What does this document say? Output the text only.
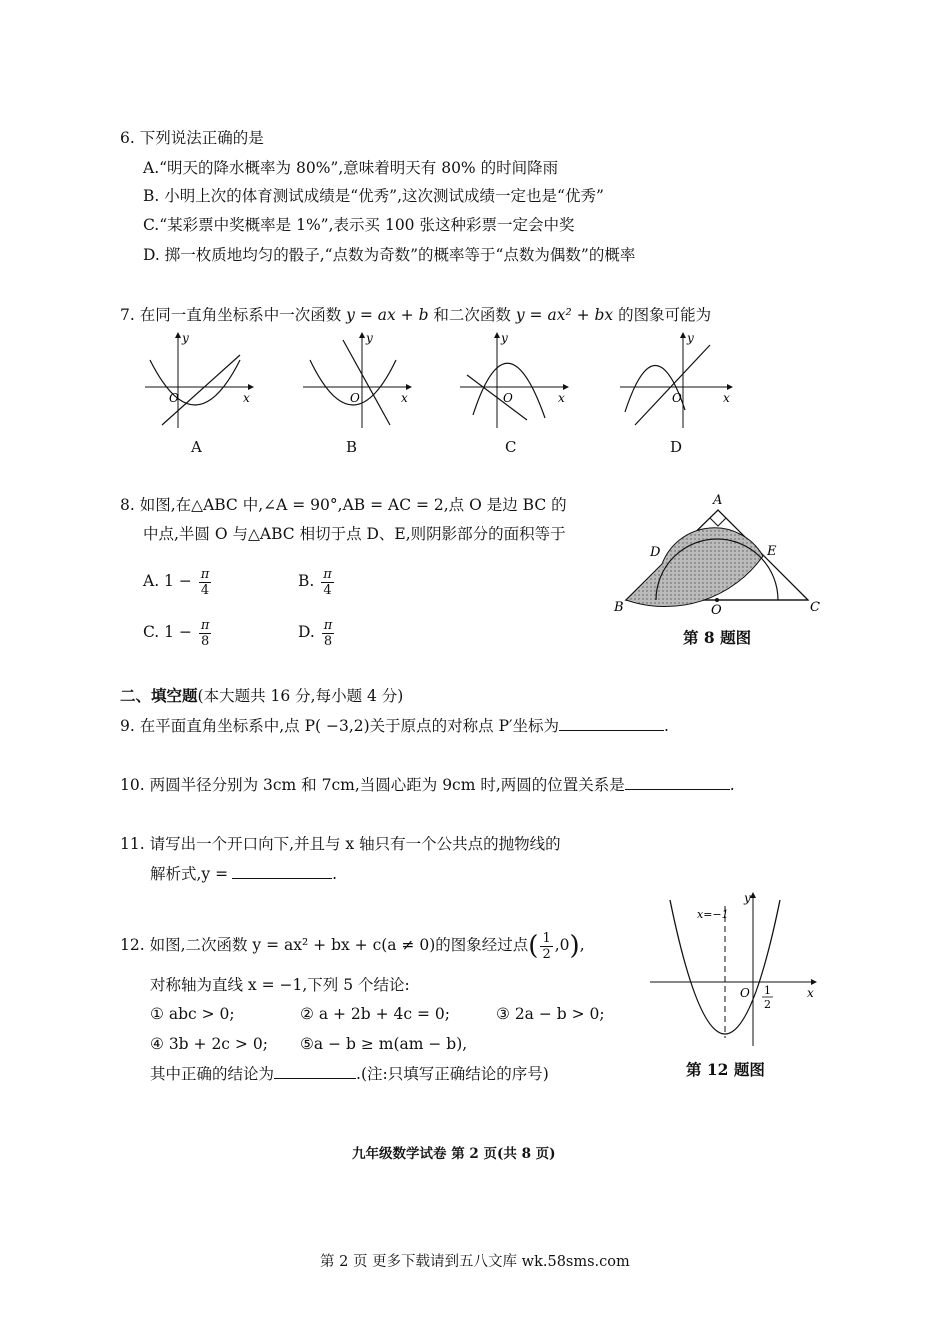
6. 下列说法正确的是
A.“明天的降水概率为 80%”,意味着明天有 80% 的时间降雨
B. 小明上次的体育测试成绩是“优秀”,这次测试成绩一定也是“优秀”
C.“某彩票中奖概率是 1%”,表示买 100 张这种彩票一定会中奖
D. 掷一枚质地均匀的骰子,“点数为奇数”的概率等于“点数为偶数”的概率
7. 在同一直角坐标系中一次函数 y = ax + b 和二次函数 y = ax² + bx 的图象可能为
O	x
y
A
O	x
y
B
O	x
y
C
O	x
y
D
8. 如图,在△ABC 中,∠A = 90°,AB = AC = 2,点 O 是边 BC 的
中点,半圆 O 与△ABC 相切于点 D、E,则阴影部分的面积等于
A. $1 - \frac{\pi}{4}$	B. $\frac{\pi}{4}$
C. $1 - \frac{\pi}{8}$	D. $\frac{\pi}{8}$
A
B	C
D	E
O
第 8 题图
二、填空题(本大题共 16 分,每小题 4 分)
9. 在平面直角坐标系中,点 P( −3,2)关于原点的对称点 P′坐标为	.
10. 两圆半径分别为 3cm 和 7cm,当圆心距为 9cm 时,两圆的位置关系是	.
11. 请写出一个开口向下,并且与 x 轴只有一个公共点的抛物线的
解析式,y =	.
12. 如图,二次函数 y = ax² + bx + c(a ≠ 0)的图象经过点( $\frac{1}{2} ,0$),
对称轴为直线 x = −1,下列 5 个结论:
① abc > 0;	② a + 2b + 4c = 0;	③ 2a − b > 0;
④ 3b + 2c > 0; ⑤a − b ≥ m(am − b),
其中正确的结论为	.(注:只填写正确结论的序号)
x=−1
y
x
O 1
2
第 12 题图
九年级数学试卷 第 2 页(共 8 页)
第 2 页 更多下载请到五八文库 wk.58sms.com
